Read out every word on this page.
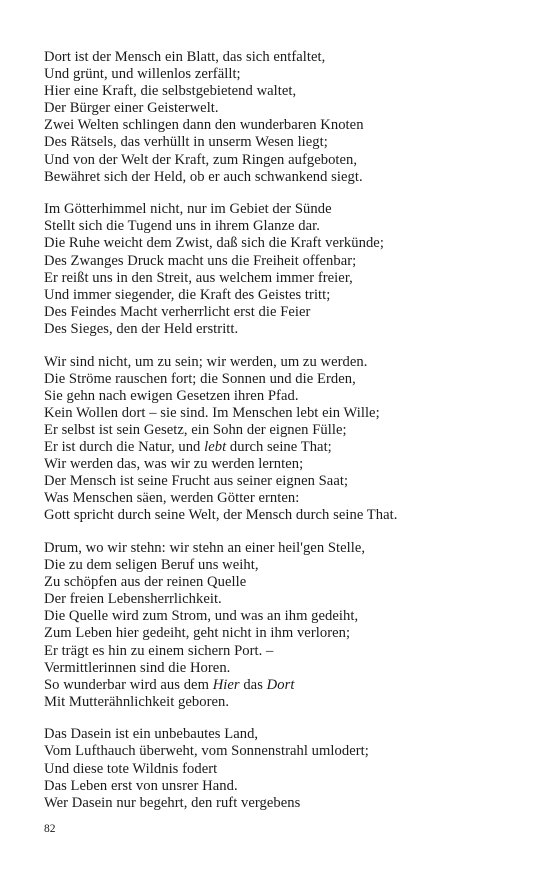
Dort ist der Mensch ein Blatt, das sich entfaltet,
Und grünt, und willenlos zerfällt;
Hier eine Kraft, die selbstgebietend waltet,
Der Bürger einer Geisterwelt.
Zwei Welten schlingen dann den wunderbaren Knoten
Des Rätsels, das verhüllt in unserm Wesen liegt;
Und von der Welt der Kraft, zum Ringen aufgeboten,
Bewähret sich der Held, ob er auch schwankend siegt.
Im Götterhimmel nicht, nur im Gebiet der Sünde
Stellt sich die Tugend uns in ihrem Glanze dar.
Die Ruhe weicht dem Zwist, daß sich die Kraft verkünde;
Des Zwanges Druck macht uns die Freiheit offenbar;
Er reißt uns in den Streit, aus welchem immer freier,
Und immer siegender, die Kraft des Geistes tritt;
Des Feindes Macht verherrlicht erst die Feier
Des Sieges, den der Held erstritt.
Wir sind nicht, um zu sein; wir werden, um zu werden.
Die Ströme rauschen fort; die Sonnen und die Erden,
Sie gehn nach ewigen Gesetzen ihren Pfad.
Kein Wollen dort – sie sind. Im Menschen lebt ein Wille;
Er selbst ist sein Gesetz, ein Sohn der eignen Fülle;
Er ist durch die Natur, und lebt durch seine That;
Wir werden das, was wir zu werden lernten;
Der Mensch ist seine Frucht aus seiner eignen Saat;
Was Menschen säen, werden Götter ernten:
Gott spricht durch seine Welt, der Mensch durch seine That.
Drum, wo wir stehn: wir stehn an einer heil'gen Stelle,
Die zu dem seligen Beruf uns weiht,
Zu schöpfen aus der reinen Quelle
Der freien Lebensherrlichkeit.
Die Quelle wird zum Strom, und was an ihm gedeiht,
Zum Leben hier gedeiht, geht nicht in ihm verloren;
Er trägt es hin zu einem sichern Port. –
Vermittlerinnen sind die Horen.
So wunderbar wird aus dem Hier das Dort
Mit Mutterähnlichkeit geboren.
Das Dasein ist ein unbebautes Land,
Vom Lufthauch überweht, vom Sonnenstrahl umlodert;
Und diese tote Wildnis fodert
Das Leben erst von unsrer Hand.
Wer Dasein nur begehrt, den ruft vergebens
82
